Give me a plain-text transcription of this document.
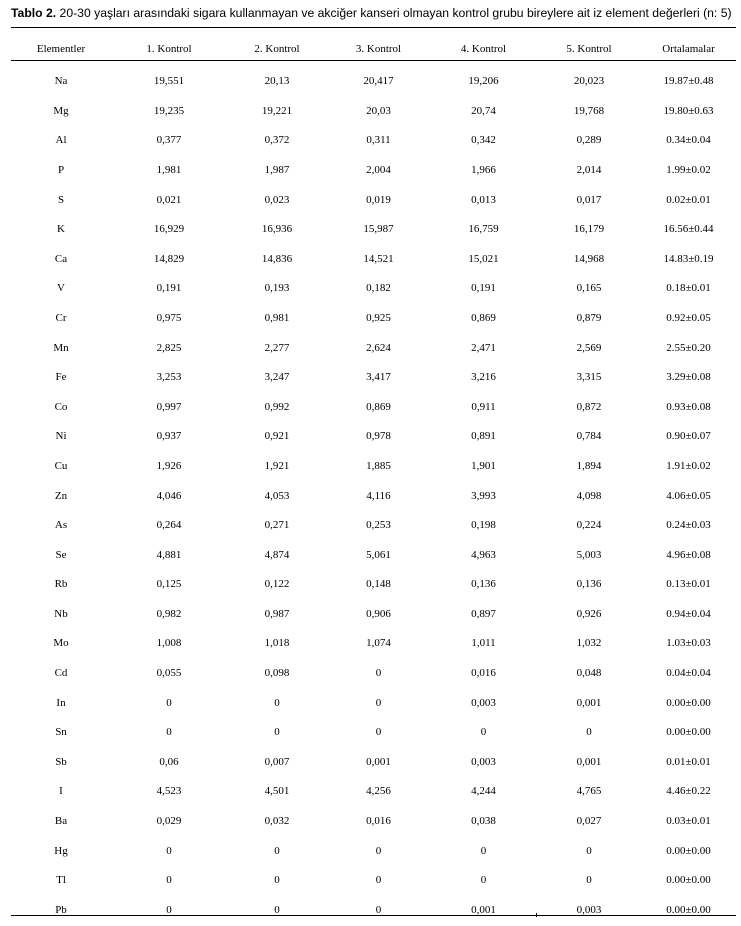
Tablo 2. 20-30 yaşları arasındaki sigara kullanmayan ve akciğer kanseri olmayan kontrol grubu bireylere ait iz element değerleri (n: 5)
Elementler	1. Kontrol	2. Kontrol	3. Kontrol	4. Kontrol	5. Kontrol	Ortalamalar
Na	19,551	20,13	20,417	19,206	20,023	19.87±0.48
Mg	19,235	19,221	20,03	20,74	19,768	19.80±0.63
Al	0,377	0,372	0,311	0,342	0,289	0.34±0.04
P	1,981	1,987	2,004	1,966	2,014	1.99±0.02
S	0,021	0,023	0,019	0,013	0,017	0.02±0.01
K	16,929	16,936	15,987	16,759	16,179	16.56±0.44
Ca	14,829	14,836	14,521	15,021	14,968	14.83±0.19
V	0,191	0,193	0,182	0,191	0,165	0.18±0.01
Cr	0,975	0,981	0,925	0,869	0,879	0.92±0.05
Mn	2,825	2,277	2,624	2,471	2,569	2.55±0.20
Fe	3,253	3,247	3,417	3,216	3,315	3.29±0.08
Co	0,997	0,992	0,869	0,911	0,872	0.93±0.08
Ni	0,937	0,921	0,978	0,891	0,784	0.90±0.07
Cu	1,926	1,921	1,885	1,901	1,894	1.91±0.02
Zn	4,046	4,053	4,116	3,993	4,098	4.06±0.05
As	0,264	0,271	0,253	0,198	0,224	0.24±0.03
Se	4,881	4,874	5,061	4,963	5,003	4.96±0.08
Rb	0,125	0,122	0,148	0,136	0,136	0.13±0.01
Nb	0,982	0,987	0,906	0,897	0,926	0.94±0.04
Mo	1,008	1,018	1,074	1,011	1,032	1.03±0.03
Cd	0,055	0,098	0	0,016	0,048	0.04±0.04
In	0	0	0	0,003	0,001	0.00±0.00
Sn	0	0	0	0	0	0.00±0.00
Sb	0,06	0,007	0,001	0,003	0,001	0.01±0.01
I	4,523	4,501	4,256	4,244	4,765	4.46±0.22
Ba	0,029	0,032	0,016	0,038	0,027	0.03±0.01
Hg	0	0	0	0	0	0.00±0.00
Tl	0	0	0	0	0	0.00±0.00
Pb	0	0	0	0,001	0,003	0.00±0.00
